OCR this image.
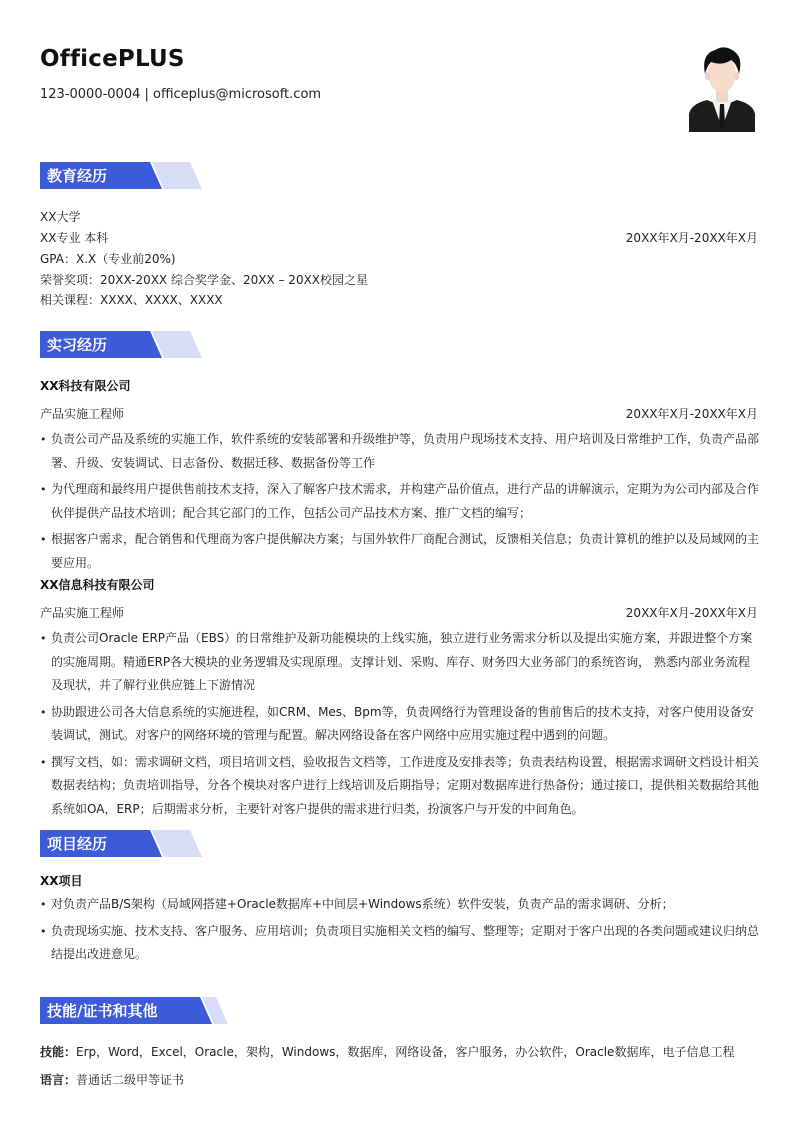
OfficePLUS
123-0000-0004 | officeplus@microsoft.com
教育经历
XX大学
XX专业 本科	20XX年X月-20XX年X月
GPA：X.X（专业前20%)
荣誉奖项：20XX-20XX 综合奖学金、20XX – 20XX校园之星
相关课程：XXXX、XXXX、XXXX
实习经历
XX科技有限公司
产品实施工程师	20XX年X月-20XX年X月
• 负责公司产品及系统的实施工作，软件系统的安装部署和升级维护等，负责用户现场技术支持、用户培训及日常维护工作，负责产品部署、升级、安装调试、日志备份、数据迁移、数据备份等工作
• 为代理商和最终用户提供售前技术支持，深入了解客户技术需求，并构建产品价值点，进行产品的讲解演示，定期为为公司内部及合作伙伴提供产品技术培训；配合其它部门的工作，包括公司产品技术方案、推广文档的编写；
• 根据客户需求，配合销售和代理商为客户提供解决方案；与国外软件厂商配合测试，反馈相关信息；负责计算机的维护以及局域网的主要应用。
XX信息科技有限公司
产品实施工程师	20XX年X月-20XX年X月
• 负责公司Oracle ERP产品（EBS）的日常维护及新功能模块的上线实施，独立进行业务需求分析以及提出实施方案，并跟进整个方案的实施周期。精通ERP各大模块的业务逻辑及实现原理。支撑计划、采购、库存、财务四大业务部门的系统咨询， 熟悉内部业务流程及现状，并了解行业供应链上下游情况
• 协助跟进公司各大信息系统的实施进程，如CRM、Mes、Bpm等，负责网络行为管理设备的售前售后的技术支持，对客户使用设备安装调试，测试。对客户的网络环境的管理与配置。解决网络设备在客户网络中应用实施过程中遇到的问题。
• 撰写文档，如：需求调研文档，项目培训文档，验收报告文档等，工作进度及安排表等；负责表结构设置，根据需求调研文档设计相关数据表结构；负责培训指导，分各个模块对客户进行上线培训及后期指导；定期对数据库进行热备份；通过接口，提供相关数据给其他系统如OA，ERP；后期需求分析，主要针对客户提供的需求进行归类，扮演客户与开发的中间角色。
项目经历
XX项目
• 对负责产品B/S架构（局域网搭建+Oracle数据库+中间层+Windows系统）软件安装，负责产品的需求调研、分析；
• 负责现场实施、技术支持、客户服务、应用培训；负责项目实施相关文档的编写、整理等；定期对于客户出现的各类问题或建议归纳总结提出改进意见。
技能/证书和其他
技能：Erp，Word，Excel，Oracle，架构，Windows，数据库，网络设备，客户服务，办公软件，Oracle数据库，电子信息工程
语言：普通话二级甲等证书
